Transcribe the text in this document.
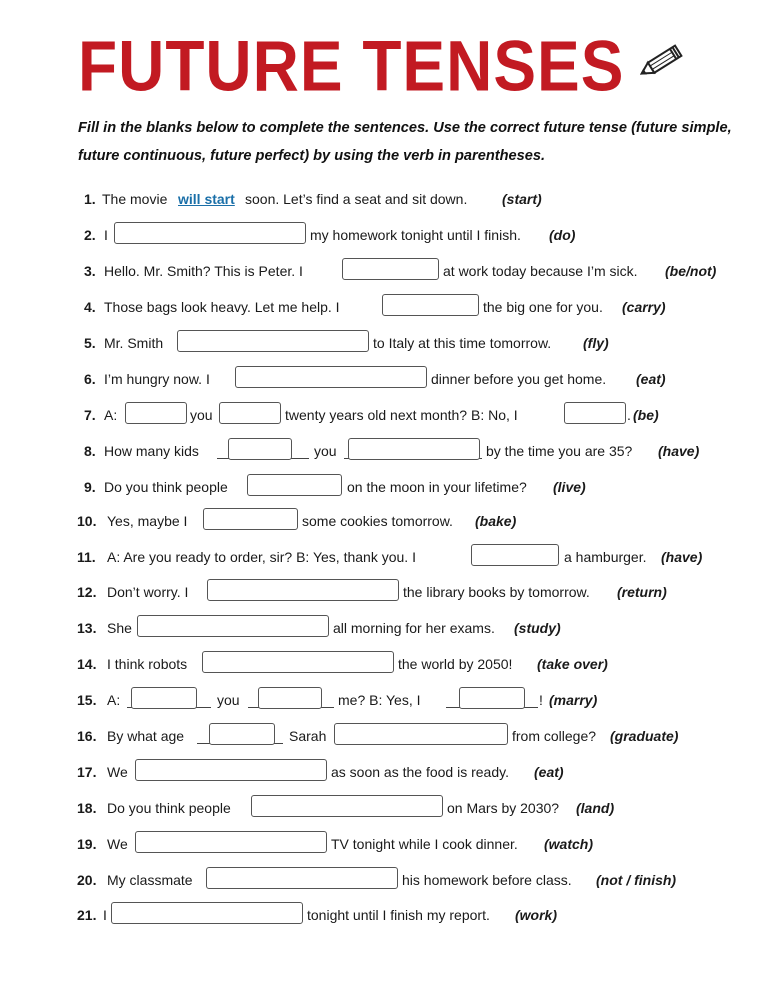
FUTURE TENSES
Fill in the blanks below to complete the sentences. Use the correct future tense (future simple, future continuous, future perfect) by using the verb in parentheses.
1. The movie will start soon. Let’s find a seat and sit down. (start)
2. I	my homework tonight until I finish. (do)
3. Hello. Mr. Smith? This is Peter. I	at work today because I’m sick. (be/not)
4. Those bags look heavy. Let me help. I	the big one for you. (carry)
5. Mr. Smith	to Italy at this time tomorrow. (fly)
6. I’m hungry now. I	dinner before you get home. (eat)
7. A:	you	twenty years old next month? B: No, I	. (be)
8. How many kids	you	by the time you are 35? (have)
9. Do you think people	on the moon in your lifetime? (live)
10. Yes, maybe I	some cookies tomorrow. (bake)
11. A: Are you ready to order, sir? B: Yes, thank you. I	a hamburger. (have)
12. Don’t worry. I	the library books by tomorrow. (return)
13. She	all morning for her exams. (study)
14. I think robots	the world by 2050! (take over)
15. A:	you	me? B: Yes, I	! (marry)
16. By what age	Sarah	from college? (graduate)
17. We	as soon as the food is ready. (eat)
18. Do you think people	on Mars by 2030? (land)
19. We	TV tonight while I cook dinner. (watch)
20. My classmate	his homework before class. (not / finish)
21. I	tonight until I finish my report. (work)
